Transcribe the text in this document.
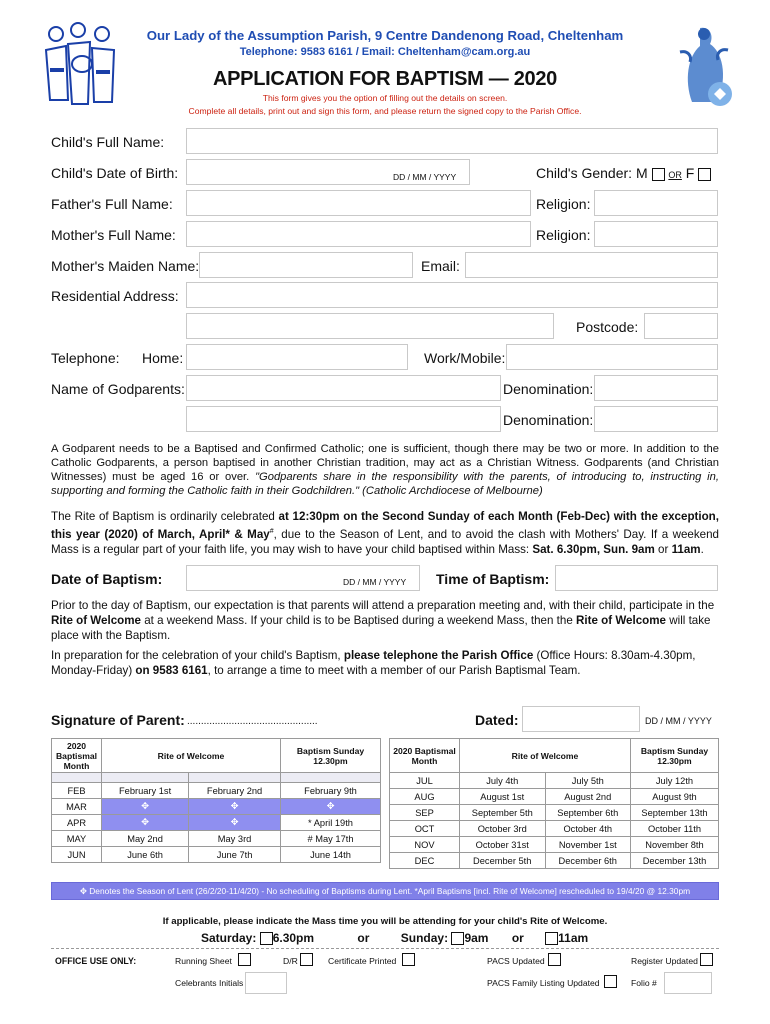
Our Lady of the Assumption Parish, 9 Centre Dandenong Road, Cheltenham
Telephone: 9583 6161 / Email: Cheltenham@cam.org.au
APPLICATION FOR BAPTISM — 2020
This form gives you the option of filling out the details on screen.
Complete all details, print out and sign this form, and please return the signed copy to the Parish Office.
Child's Full Name:
Child's Date of Birth:	DD / MM / YYYY	Child's Gender: M OR F
Father's Full Name:	Religion:
Mother's Full Name:	Religion:
Mother's Maiden Name:	Email:
Residential Address:
Postcode:
Telephone: Home:	Work/Mobile:
Name of Godparents:	Denomination:
Denomination:
A Godparent needs to be a Baptised and Confirmed Catholic; one is sufficient, though there may be two or more. In addition to the Catholic Godparents, a person baptised in another Christian tradition, may act as a Christian Witness. Godparents (and Christian Witnesses) must be aged 16 or over. "Godparents share in the responsibility with the parents, of introducing to, instructing in, supporting and forming the Catholic faith in their Godchildren." (Catholic Archdiocese of Melbourne)
The Rite of Baptism is ordinarily celebrated at 12:30pm on the Second Sunday of each Month (Feb-Dec) with the exception, this year (2020) of March, April* & May#, due to the Season of Lent, and to avoid the clash with Mothers' Day. If a weekend Mass is a regular part of your faith life, you may wish to have your child baptised within Mass: Sat. 6.30pm, Sun. 9am or 11am.
Date of Baptism:	DD / MM / YYYY Time of Baptism:
Prior to the day of Baptism, our expectation is that parents will attend a preparation meeting and, with their child, participate in the Rite of Welcome at a weekend Mass. If your child is to be Baptised during a weekend Mass, then the Rite of Welcome will take place with the Baptism.
In preparation for the celebration of your child's Baptism, please telephone the Parish Office (Office Hours: 8.30am-4.30pm, Monday-Friday) on 9583 6161, to arrange a time to meet with a member of our Parish Baptismal Team.
Signature of Parent: ...............................................	Dated:	DD / MM / YYYY
2020 Baptismal Month	Rite of Welcome		Baptism Sunday 12.30pm

FEB	February 1st	February 2nd	February 9th
MAR	✥	✥	✥
APR	✥	✥	* April 19th
MAY	May 2nd	May 3rd	# May 17th
JUN	June 6th	June 7th	June 14th
2020 Baptismal Month	Rite of Welcome		Baptism Sunday 12.30pm
JUL	July 4th	July 5th	July 12th
AUG	August 1st	August 2nd	August 9th
SEP	September 5th	September 6th	September 13th
OCT	October 3rd	October 4th	October 11th
NOV	October 31st	November 1st	November 8th
DEC	December 5th	December 6th	December 13th
✥ Denotes the Season of Lent (26/2/20-11/4/20) - No scheduling of Baptisms during Lent. *April Baptisms [incl. Rite of Welcome] rescheduled to 19/4/20 @ 12.30pm
If applicable, please indicate the Mass time you will be attending for your child's Rite of Welcome.
Saturday: 6.30pm	or	Sunday: 9am or	11am
OFFICE USE ONLY:	Running Sheet	D/R	Certificate Printed	PACS Updated	Register Updated
Celebrants Initials	PACS Family Listing Updated	Folio #
